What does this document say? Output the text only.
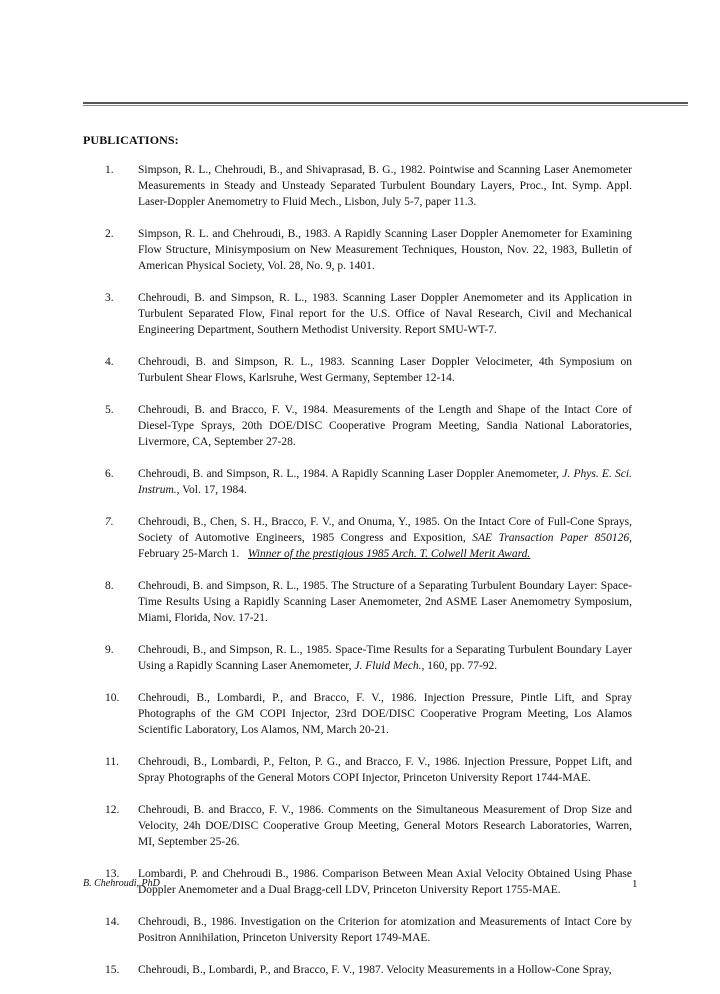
PUBLICATIONS:
1. Simpson, R. L., Chehroudi, B., and Shivaprasad, B. G., 1982. Pointwise and Scanning Laser Anemometer Measurements in Steady and Unsteady Separated Turbulent Boundary Layers, Proc., Int. Symp. Appl. Laser-Doppler Anemometry to Fluid Mech., Lisbon, July 5-7, paper 11.3.
2. Simpson, R. L. and Chehroudi, B., 1983. A Rapidly Scanning Laser Doppler Anemometer for Examining Flow Structure, Minisymposium on New Measurement Techniques, Houston, Nov. 22, 1983, Bulletin of American Physical Society, Vol. 28, No. 9, p. 1401.
3. Chehroudi, B. and Simpson, R. L., 1983. Scanning Laser Doppler Anemometer and its Application in Turbulent Separated Flow, Final report for the U.S. Office of Naval Research, Civil and Mechanical Engineering Department, Southern Methodist University. Report SMU-WT-7.
4. Chehroudi, B. and Simpson, R. L., 1983. Scanning Laser Doppler Velocimeter, 4th Symposium on Turbulent Shear Flows, Karlsruhe, West Germany, September 12-14.
5. Chehroudi, B. and Bracco, F. V., 1984. Measurements of the Length and Shape of the Intact Core of Diesel-Type Sprays, 20th DOE/DISC Cooperative Program Meeting, Sandia National Laboratories, Livermore, CA, September 27-28.
6. Chehroudi, B. and Simpson, R. L., 1984. A Rapidly Scanning Laser Doppler Anemometer, J. Phys. E. Sci. Instrum., Vol. 17, 1984.
7. Chehroudi, B., Chen, S. H., Bracco, F. V., and Onuma, Y., 1985. On the Intact Core of Full-Cone Sprays, Society of Automotive Engineers, 1985 Congress and Exposition, SAE Transaction Paper 850126, February 25-March 1.   Winner of the prestigious 1985 Arch. T. Colwell Merit Award.
8. Chehroudi, B. and Simpson, R. L., 1985. The Structure of a Separating Turbulent Boundary Layer: Space-Time Results Using a Rapidly Scanning Laser Anemometer, 2nd ASME Laser Anemometry Symposium, Miami, Florida, Nov. 17-21.
9. Chehroudi, B., and Simpson, R. L., 1985. Space-Time Results for a Separating Turbulent Boundary Layer Using a Rapidly Scanning Laser Anemometer, J. Fluid Mech., 160, pp. 77-92.
10. Chehroudi, B., Lombardi, P., and Bracco, F. V., 1986. Injection Pressure, Pintle Lift, and Spray Photographs of the GM COPI Injector, 23rd DOE/DISC Cooperative Program Meeting, Los Alamos Scientific Laboratory, Los Alamos, NM, March 20-21.
11. Chehroudi, B., Lombardi, P., Felton, P. G., and Bracco, F. V., 1986. Injection Pressure, Poppet Lift, and Spray Photographs of the General Motors COPI Injector, Princeton University Report 1744-MAE.
12. Chehroudi, B. and Bracco, F. V., 1986. Comments on the Simultaneous Measurement of Drop Size and Velocity, 24h DOE/DISC Cooperative Group Meeting, General Motors Research Laboratories, Warren, MI, September 25-26.
13. Lombardi, P. and Chehroudi B., 1986. Comparison Between Mean Axial Velocity Obtained Using Phase Doppler Anemometer and a Dual Bragg-cell LDV, Princeton University Report 1755-MAE.
14. Chehroudi, B., 1986. Investigation on the Criterion for atomization and Measurements of Intact Core by Positron Annihilation, Princeton University Report 1749-MAE.
15. Chehroudi, B., Lombardi, P., and Bracco, F. V., 1987. Velocity Measurements in a Hollow-Cone Spray,
B. Chehroudi, PhD	1
